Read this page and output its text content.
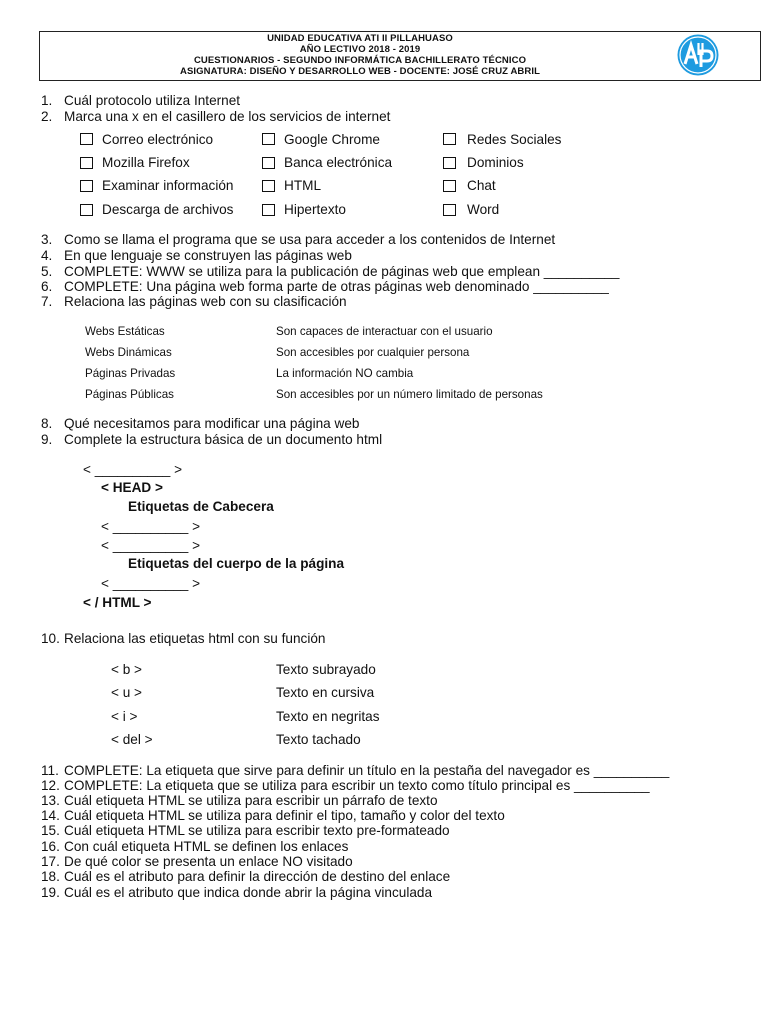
UNIDAD EDUCATIVA ATI II PILLAHUASO
AÑO LECTIVO 2018 - 2019
CUESTIONARIOS - SEGUNDO INFORMÁTICA BACHILLERATO TÉCNICO
ASIGNATURA: DISEÑO Y DESARROLLO WEB - DOCENTE: JOSÉ CRUZ ABRIL
1. Cuál protocolo utiliza Internet
2. Marca una x en el casillero de los servicios de internet
Correo electrónico
Mozilla Firefox
Examinar información
Descarga de archivos
Google Chrome
Banca electrónica
HTML
Hipertexto
Redes Sociales
Dominios
Chat
Word
3. Como se llama el programa que se usa para acceder a los contenidos de Internet
4. En que lenguaje se construyen las páginas web
5. COMPLETE: WWW se utiliza para la publicación de páginas web que emplean __________
6. COMPLETE: Una página web forma parte de otras páginas web denominado __________
7. Relaciona las páginas web con su clasificación
Webs Estáticas
Webs Dinámicas
Páginas Privadas
Páginas Públicas
Son capaces de interactuar con el usuario
Son accesibles por cualquier persona
La información NO cambia
Son accesibles por un número limitado de personas
8. Qué necesitamos para modificar una página web
9. Complete la estructura básica de un documento html
< __________ >
< HEAD >
Etiquetas de Cabecera
< __________ >
< __________ >
Etiquetas del cuerpo de la página
< __________ >
< / HTML >
10. Relaciona las etiquetas html con su función
< b >
< u >
< i >
< del >
Texto subrayado
Texto en cursiva
Texto en negritas
Texto tachado
11. COMPLETE: La etiqueta que sirve para definir un título en la pestaña del navegador es __________
12. COMPLETE: La etiqueta que se utiliza para escribir un texto como título principal es __________
13. Cuál etiqueta HTML se utiliza para escribir un párrafo de texto
14. Cuál etiqueta HTML se utiliza para definir el tipo, tamaño y color del texto
15. Cuál etiqueta HTML se utiliza para escribir texto pre-formateado
16. Con cuál etiqueta HTML se definen los enlaces
17. De qué color se presenta un enlace NO visitado
18. Cuál es el atributo para definir la dirección de destino del enlace
19. Cuál es el atributo que indica donde abrir la página vinculada
